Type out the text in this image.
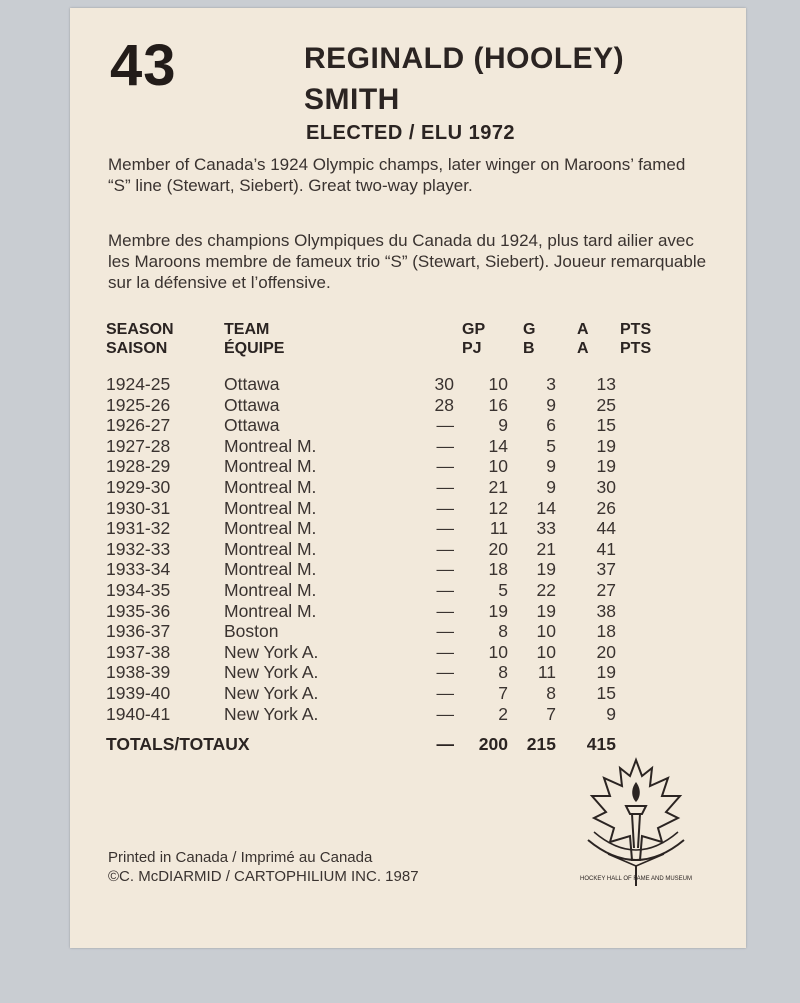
43	REGINALD (HOOLEY)
SMITH
ELECTED / ELU 1972
Member of Canada’s 1924 Olympic champs, later winger on Maroons’ famed “S” line (Stewart, Siebert). Great two-way player.
Membre des champions Olympiques du Canada du 1924, plus tard ailier avec les Maroons membre de fameux trio “S” (Stewart, Siebert). Joueur remarquable sur la défensive et l’offensive.
SEASON	TEAM	GP G	A PTS
SAISON	ÉQUIPE	PJ	B	A PTS
1924-25	Ottawa	30 10 3 13
1925-26	Ottawa	28 16 9 25
1926-27	Ottawa	—	9 6 15
1927-28	Montreal M.	— 14 5 19
1928-29	Montreal M.	— 10 9 19
1929-30	Montreal M.	— 21 9 30
1930-31	Montreal M.	— 12 14 26
1931-32	Montreal M.	— 11 33 44
1932-33	Montreal M.	— 20 21 41
1933-34	Montreal M.	— 18 19 37
1934-35	Montreal M.	—	5 22 27
1935-36	Montreal M.	— 19 19 38
1936-37	Boston	—	8 10 18
1937-38	New York A.	— 10 10 20
1938-39	New York A.	—	8 11 19
1939-40	New York A.	—	7 8 15
1940-41	New York A.	—	2 7	9
TOTALS/TOTAUX	— 200 215 415
Printed in Canada / Imprimé au Canada
©C. McDIARMID / CARTOPHILIUM INC. 1987	HOCKEY HALL OF FAME AND MUSEUM
